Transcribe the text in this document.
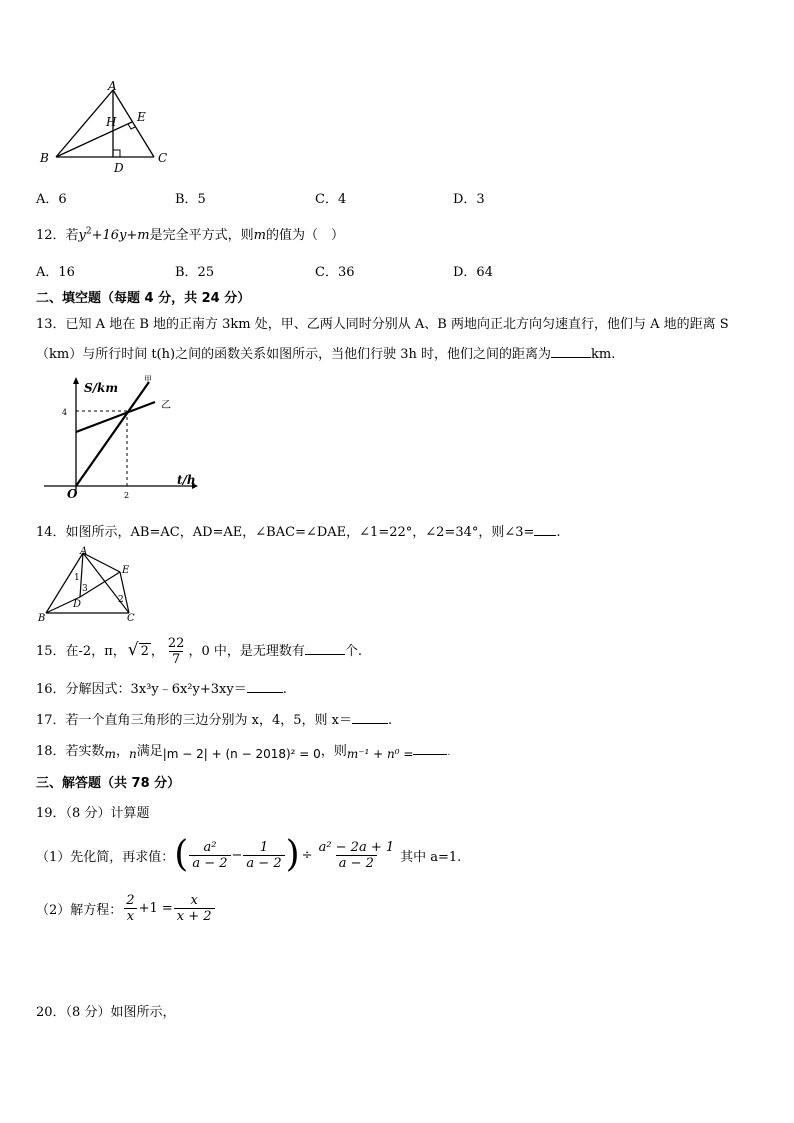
A
H E
B
D
C
A．6	B．5	C．4	D．3
12．若$y^2+16y+m$是完全平方式，则m的值为（　）
A．16	B．25	C．36	D．64
二、填空题（每题 4 分，共 24 分）
13．已知 A 地在 B 地的正南方 3km 处，甲、乙两人同时分别从 A、B 两地向正北方向匀速直行，他们与 A 地的距离 S
（km）与所行时间 t(h)之间的函数关系如图所示，当他们行驶 3h 时，他们之间的距离为	km.
S/km
t/h
O
4
2
甲
乙
14．如图所示，AB=AC，AD=AE，∠BAC=∠DAE，∠1=22°，∠2=34°，则∠3= .
A
E
B	C
D
1
2
3
15．在-2，π， √ 2 ， $\frac{22}{7}$ ，0 中，是无理数有	个.
16．分解因式：3x³y﹣6x²y+3xy＝	.
17．若一个直角三角形的三边分别为 x，4，5，则 x＝	.
18．若实数m，n满足|m − 2| + (n − 2018)² = 0，则m⁻¹ + n⁰ =	.
三、解答题（共 78 分）
19．（8 分）计算题
（1）先化简，再求值： ( $\frac{\text{a²}}{a - 2} - \frac{1}{a - 2}$ ) ÷ $\frac{\text{a² − 2a + 1}}{a - 2}$ 其中 a=1.
（2）解方程： $\frac{2}{x} +1 = \frac{x}{x + 2}$
20．（8 分）如图所示，
